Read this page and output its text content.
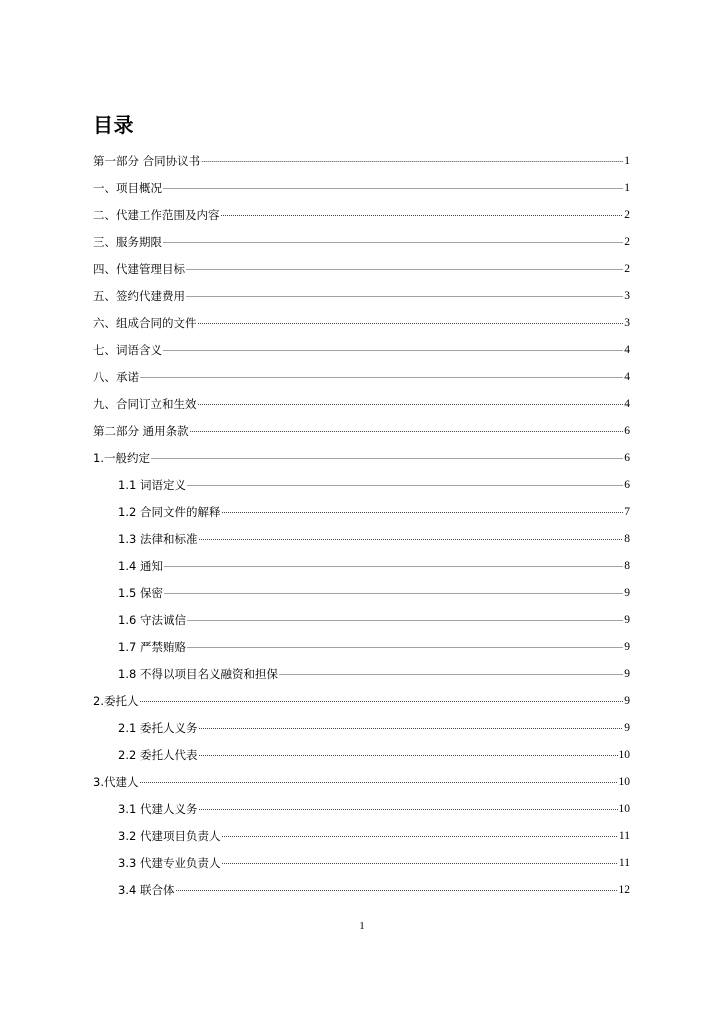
目录
第一部分 合同协议书 .....	1
一、项目概况 .....	1
二、代建工作范围及内容 .....	2
三、服务期限 .....	2
四、代建管理目标 .....	2
五、签约代建费用 .....	3
六、组成合同的文件 .....	3
七、词语含义 .....	4
八、承诺 .....	4
九、合同订立和生效 .....	4
第二部分 通用条款 .....	6
1.一般约定 .....	6
1.1 词语定义 .....	6
1.2 合同文件的解释 .....	7
1.3 法律和标准 .....	8
1.4 通知 .....	8
1.5 保密 .....	9
1.6 守法诚信 .....	9
1.7 严禁贿赂 .....	9
1.8 不得以项目名义融资和担保 .....	9
2.委托人 .....	9
2.1 委托人义务 .....	9
2.2 委托人代表 .....	10
3.代建人 .....	10
3.1 代建人义务 .....	10
3.2 代建项目负责人 .....	11
3.3 代建专业负责人 .....	11
3.4 联合体 .....	12
1
